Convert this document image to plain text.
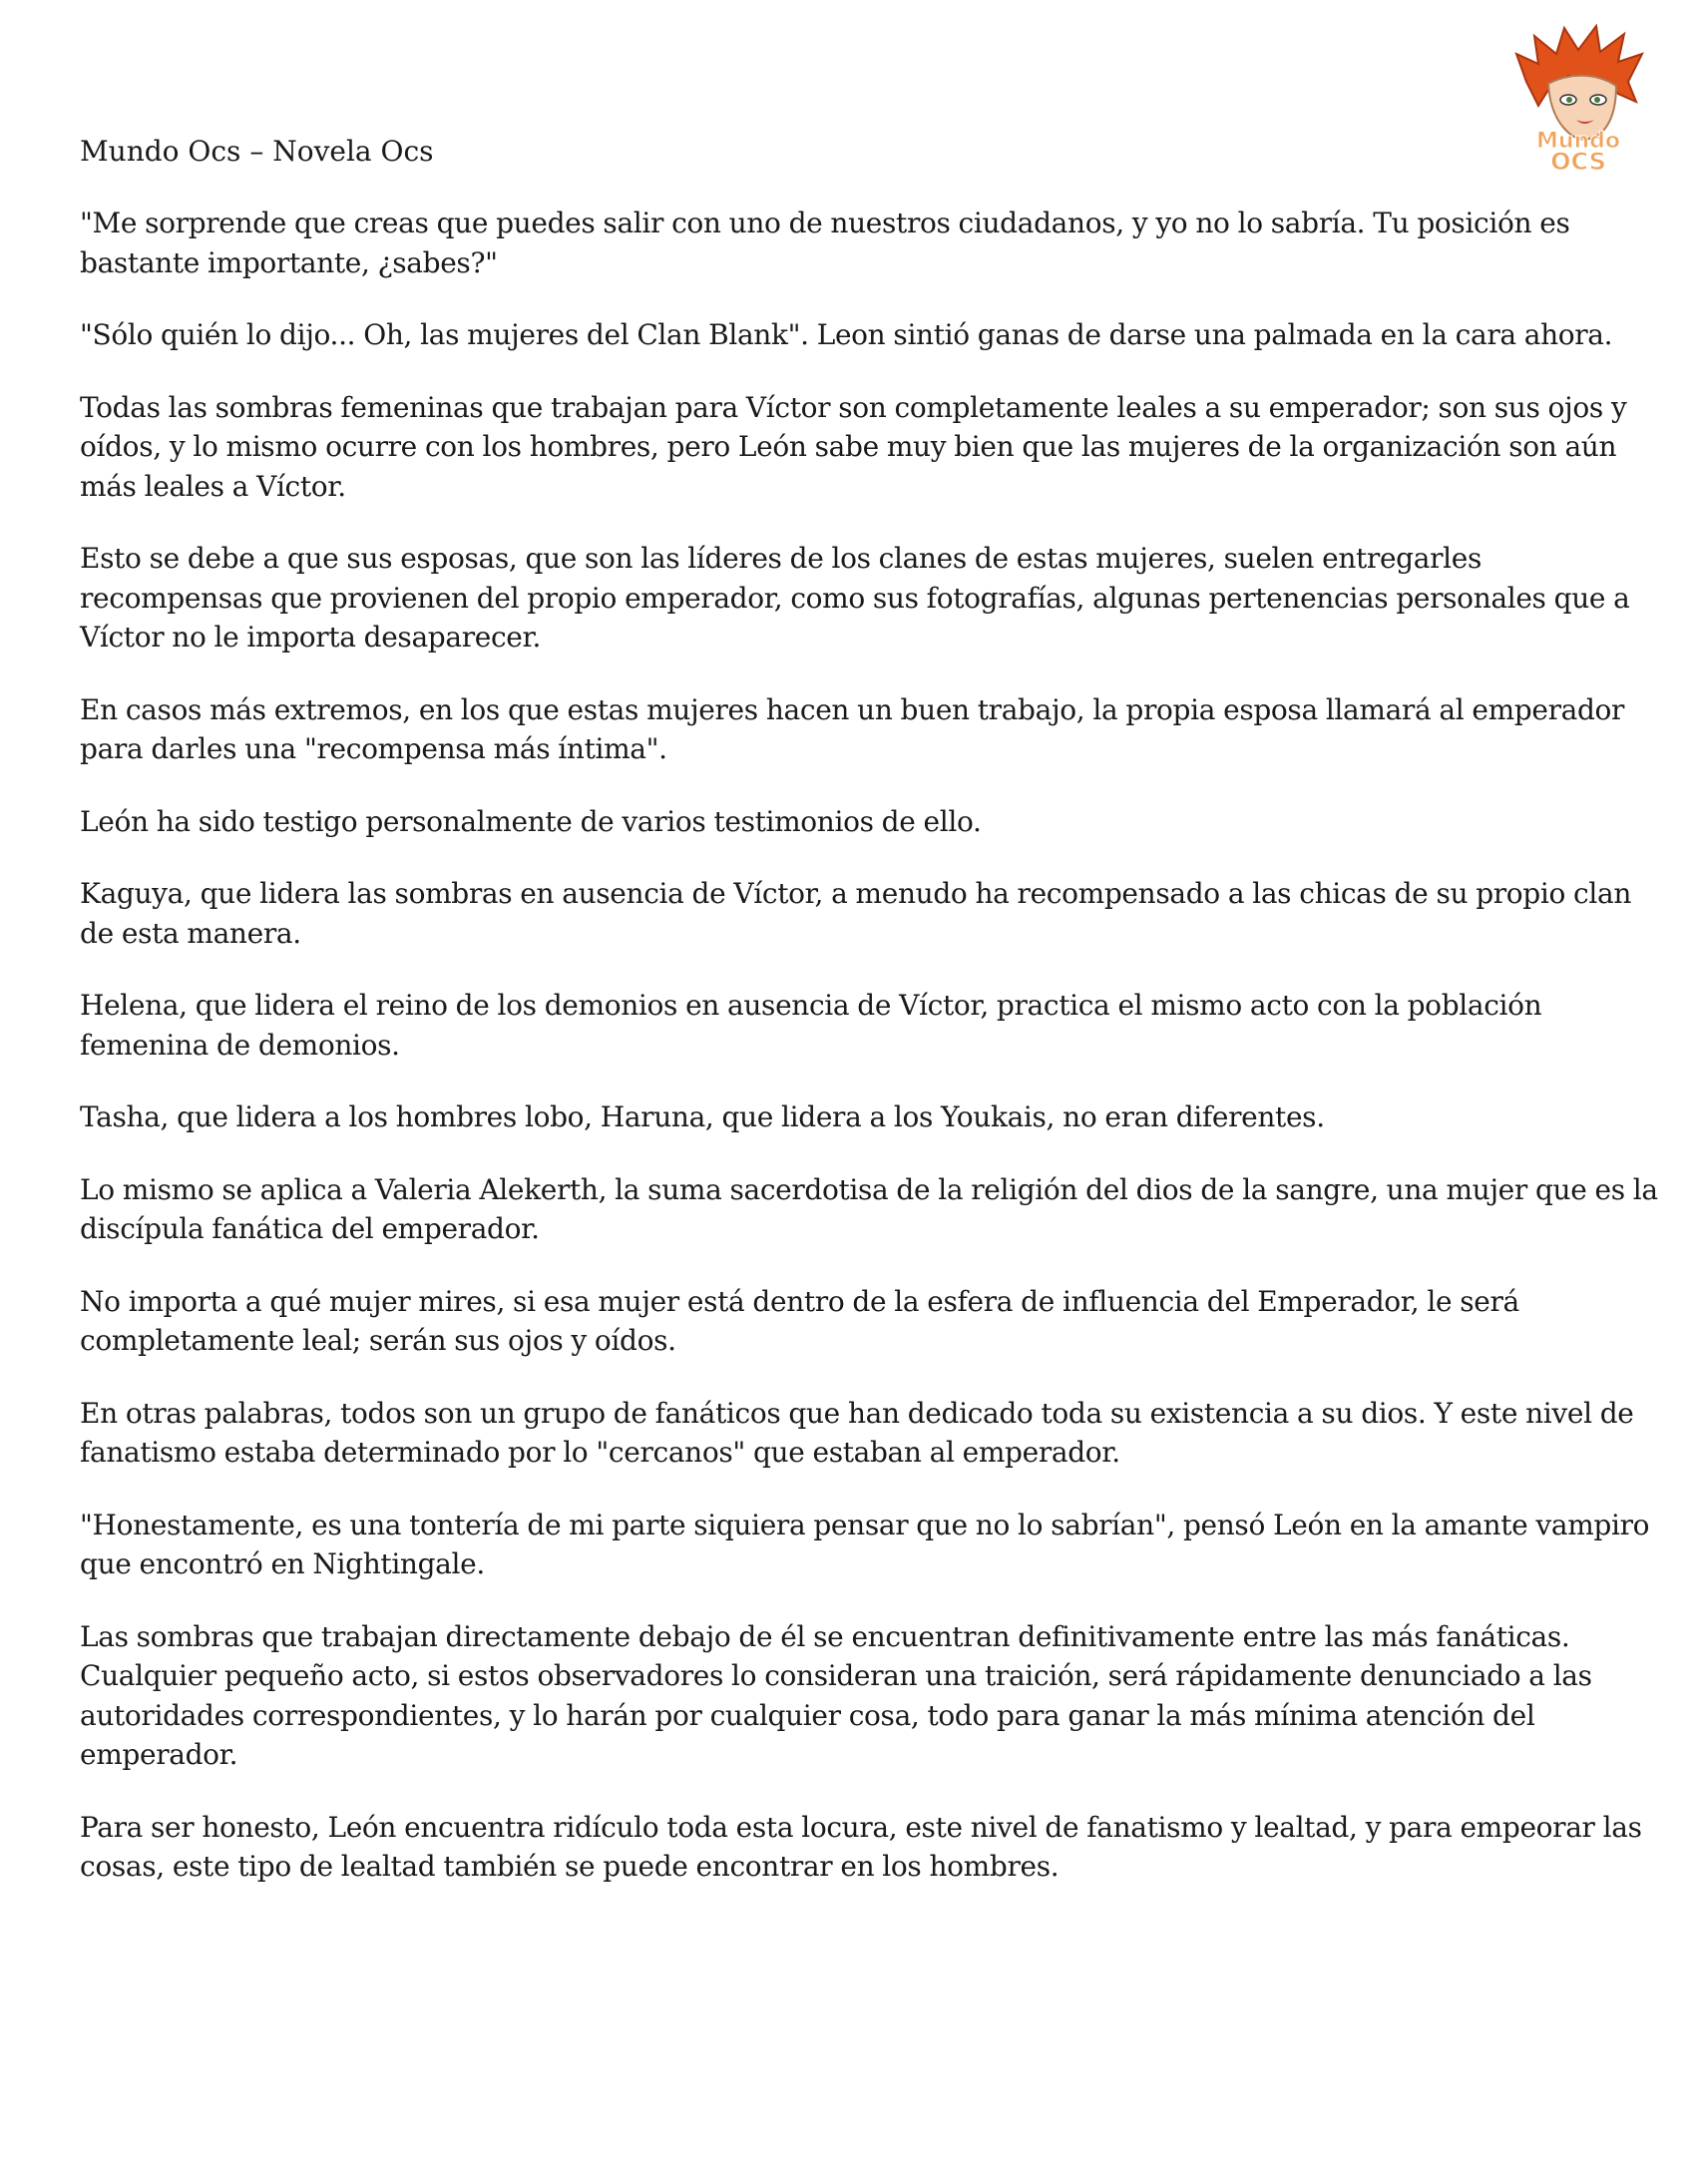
Mundo Ocs – Novela Ocs	Mundo
OCS

"Me sorprende que creas que puedes salir con uno de nuestros ciudadanos, y yo no lo sabría. Tu posición es bastante importante, ¿sabes?"

"Sólo quién lo dijo... Oh, las mujeres del Clan Blank". Leon sintió ganas de darse una palmada en la cara ahora.

Todas las sombras femeninas que trabajan para Víctor son completamente leales a su emperador; son sus ojos y oídos, y lo mismo ocurre con los hombres, pero León sabe muy bien que las mujeres de la organización son aún más leales a Víctor.

Esto se debe a que sus esposas, que son las líderes de los clanes de estas mujeres, suelen entregarles recompensas que provienen del propio emperador, como sus fotografías, algunas pertenencias personales que a Víctor no le importa desaparecer.

En casos más extremos, en los que estas mujeres hacen un buen trabajo, la propia esposa llamará al emperador para darles una "recompensa más íntima".

León ha sido testigo personalmente de varios testimonios de ello.

Kaguya, que lidera las sombras en ausencia de Víctor, a menudo ha recompensado a las chicas de su propio clan de esta manera.

Helena, que lidera el reino de los demonios en ausencia de Víctor, practica el mismo acto con la población femenina de demonios.

Tasha, que lidera a los hombres lobo, Haruna, que lidera a los Youkais, no eran diferentes.

Lo mismo se aplica a Valeria Alekerth, la suma sacerdotisa de la religión del dios de la sangre, una mujer que es la discípula fanática del emperador.

No importa a qué mujer mires, si esa mujer está dentro de la esfera de influencia del Emperador, le será completamente leal; serán sus ojos y oídos.

En otras palabras, todos son un grupo de fanáticos que han dedicado toda su existencia a su dios. Y este nivel de fanatismo estaba determinado por lo "cercanos" que estaban al emperador.

"Honestamente, es una tontería de mi parte siquiera pensar que no lo sabrían", pensó León en la amante vampiro que encontró en Nightingale.

Las sombras que trabajan directamente debajo de él se encuentran definitivamente entre las más fanáticas. Cualquier pequeño acto, si estos observadores lo consideran una traición, será rápidamente denunciado a las autoridades correspondientes, y lo harán por cualquier cosa, todo para ganar la más mínima atención del emperador.

Para ser honesto, León encuentra ridículo toda esta locura, este nivel de fanatismo y lealtad, y para empeorar las cosas, este tipo de lealtad también se puede encontrar en los hombres.
